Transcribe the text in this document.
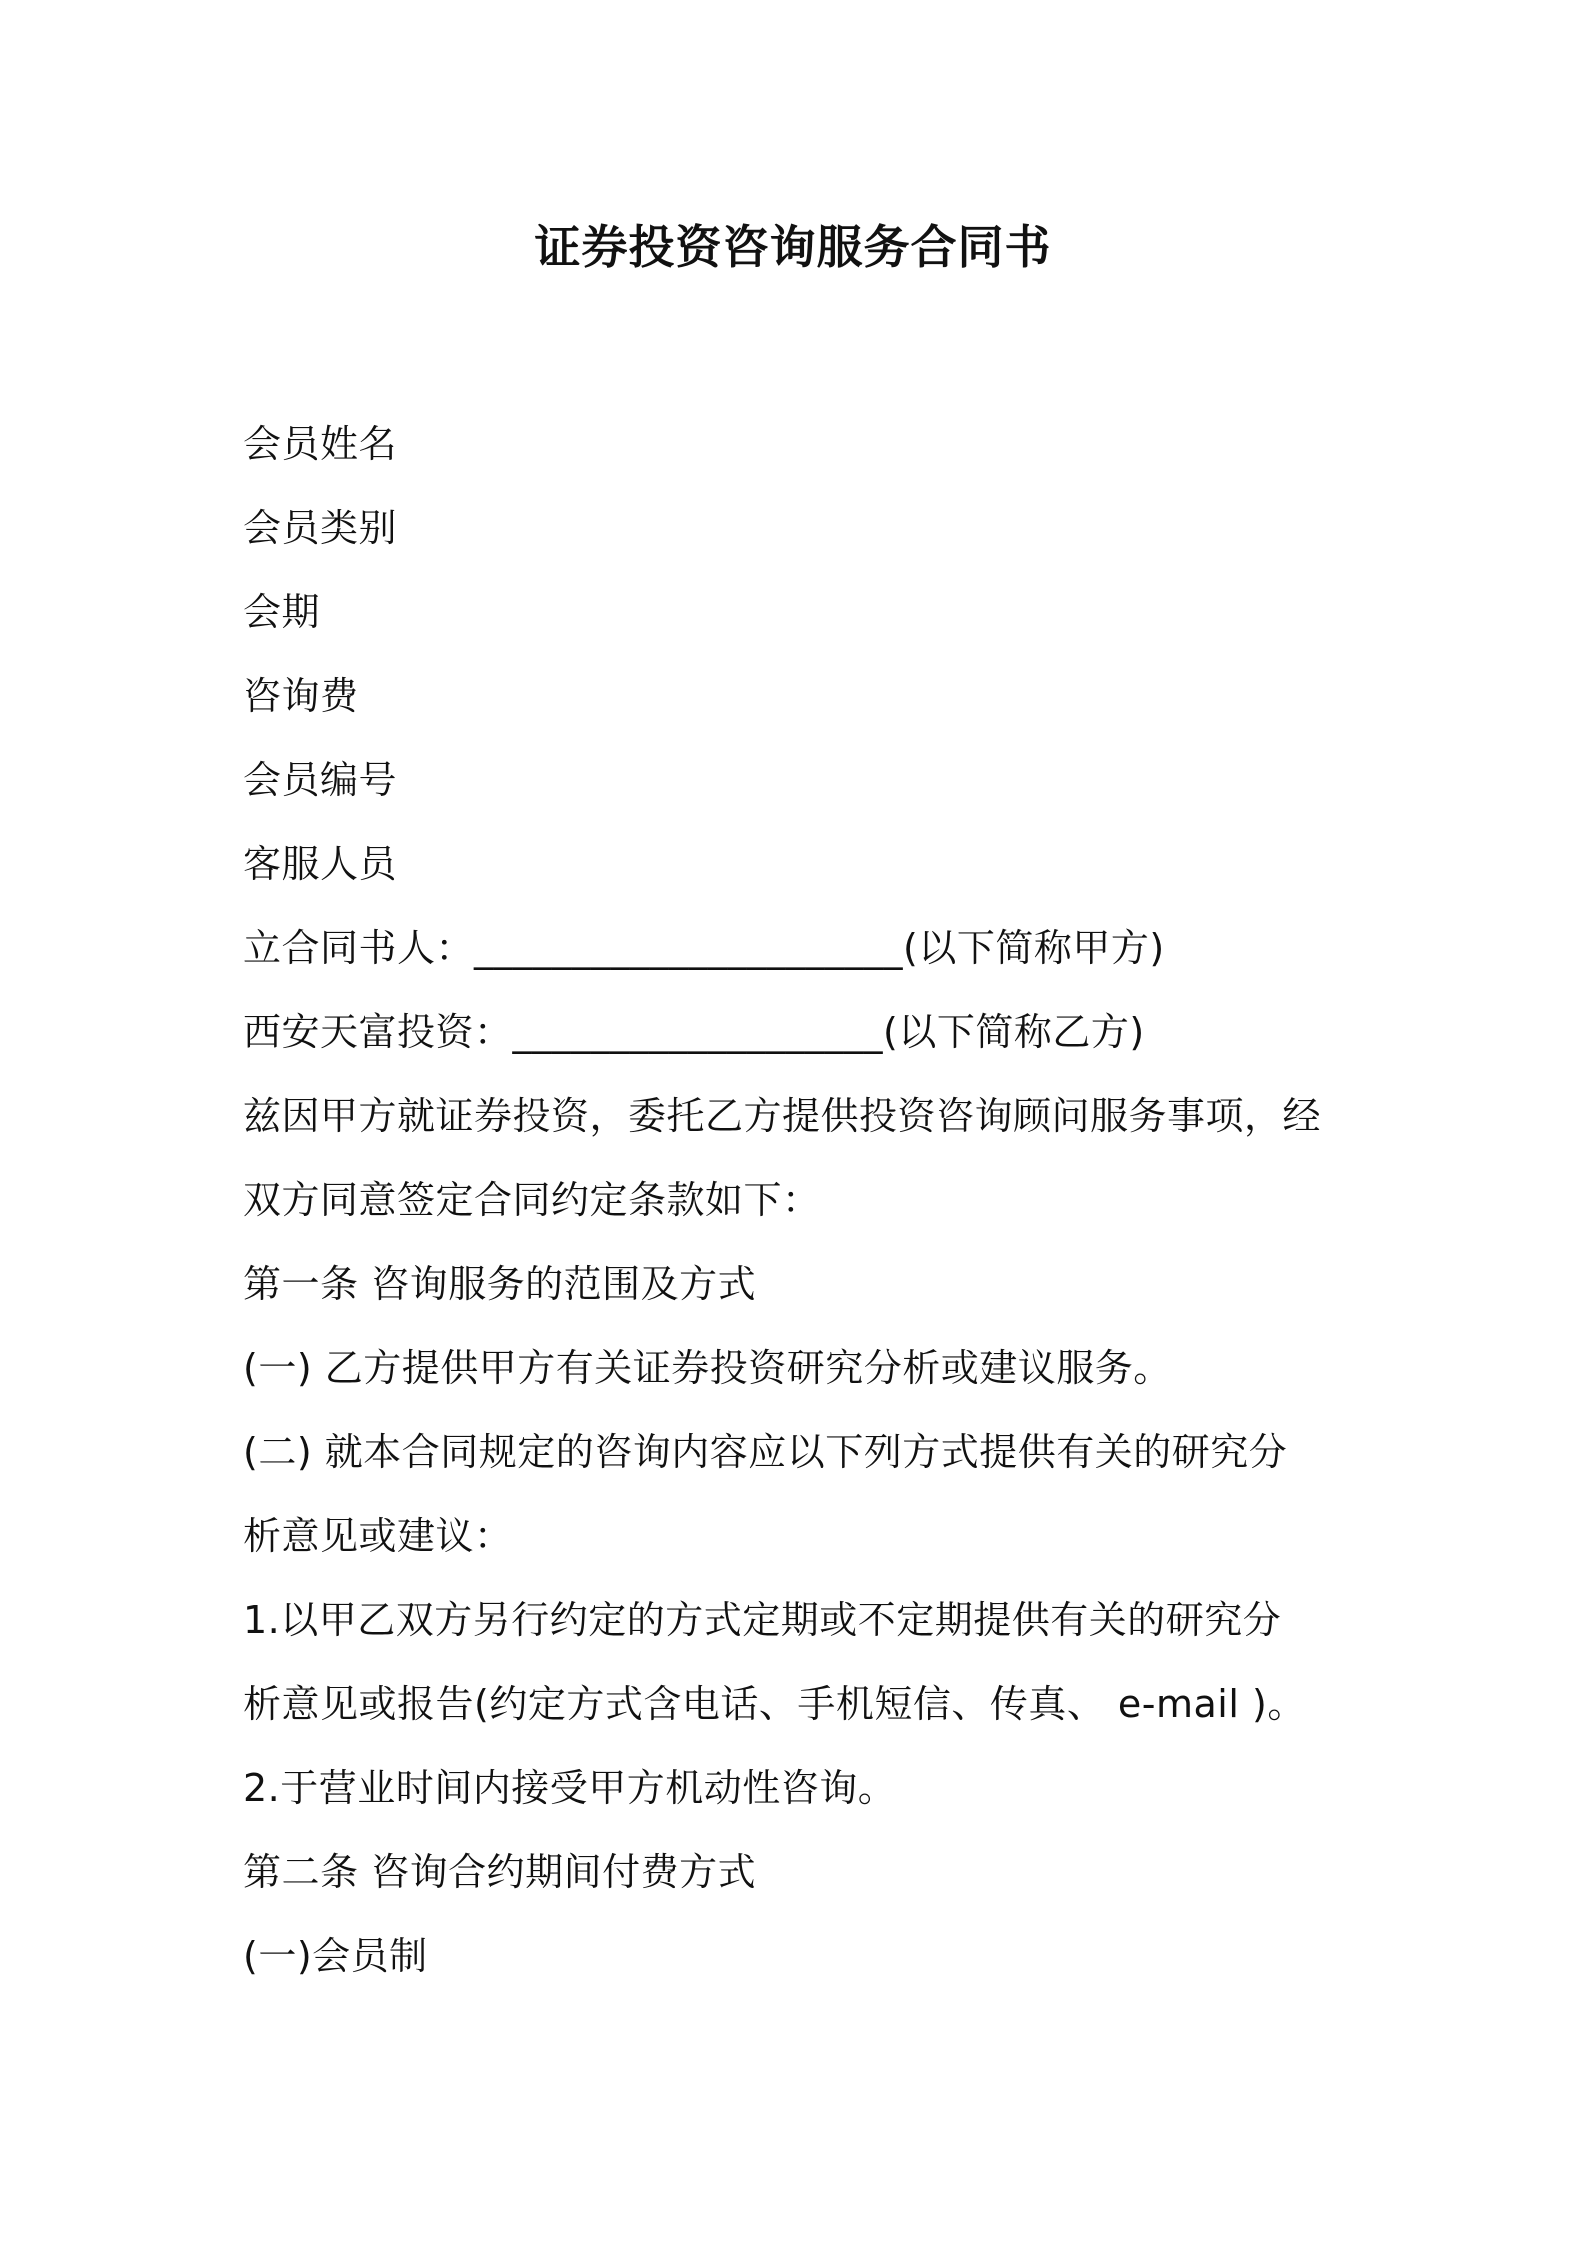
证券投资咨询服务合同书
会员姓名
会员类别
会期
咨询费
会员编号
客服人员
立合同书人：______________________(以下简称甲方)
西安天富投资：___________________(以下简称乙方)
兹因甲方就证券投资，委托乙方提供投资咨询顾问服务事项，经
双方同意签定合同约定条款如下：
第一条 咨询服务的范围及方式
(一) 乙方提供甲方有关证券投资研究分析或建议服务。
(二) 就本合同规定的咨询内容应以下列方式提供有关的研究分
析意见或建议：
1.以甲乙双方另行约定的方式定期或不定期提供有关的研究分
析意见或报告(约定方式含电话、手机短信、传真、 e-mail )。
2.于营业时间内接受甲方机动性咨询。
第二条 咨询合约期间付费方式
(一)会员制
